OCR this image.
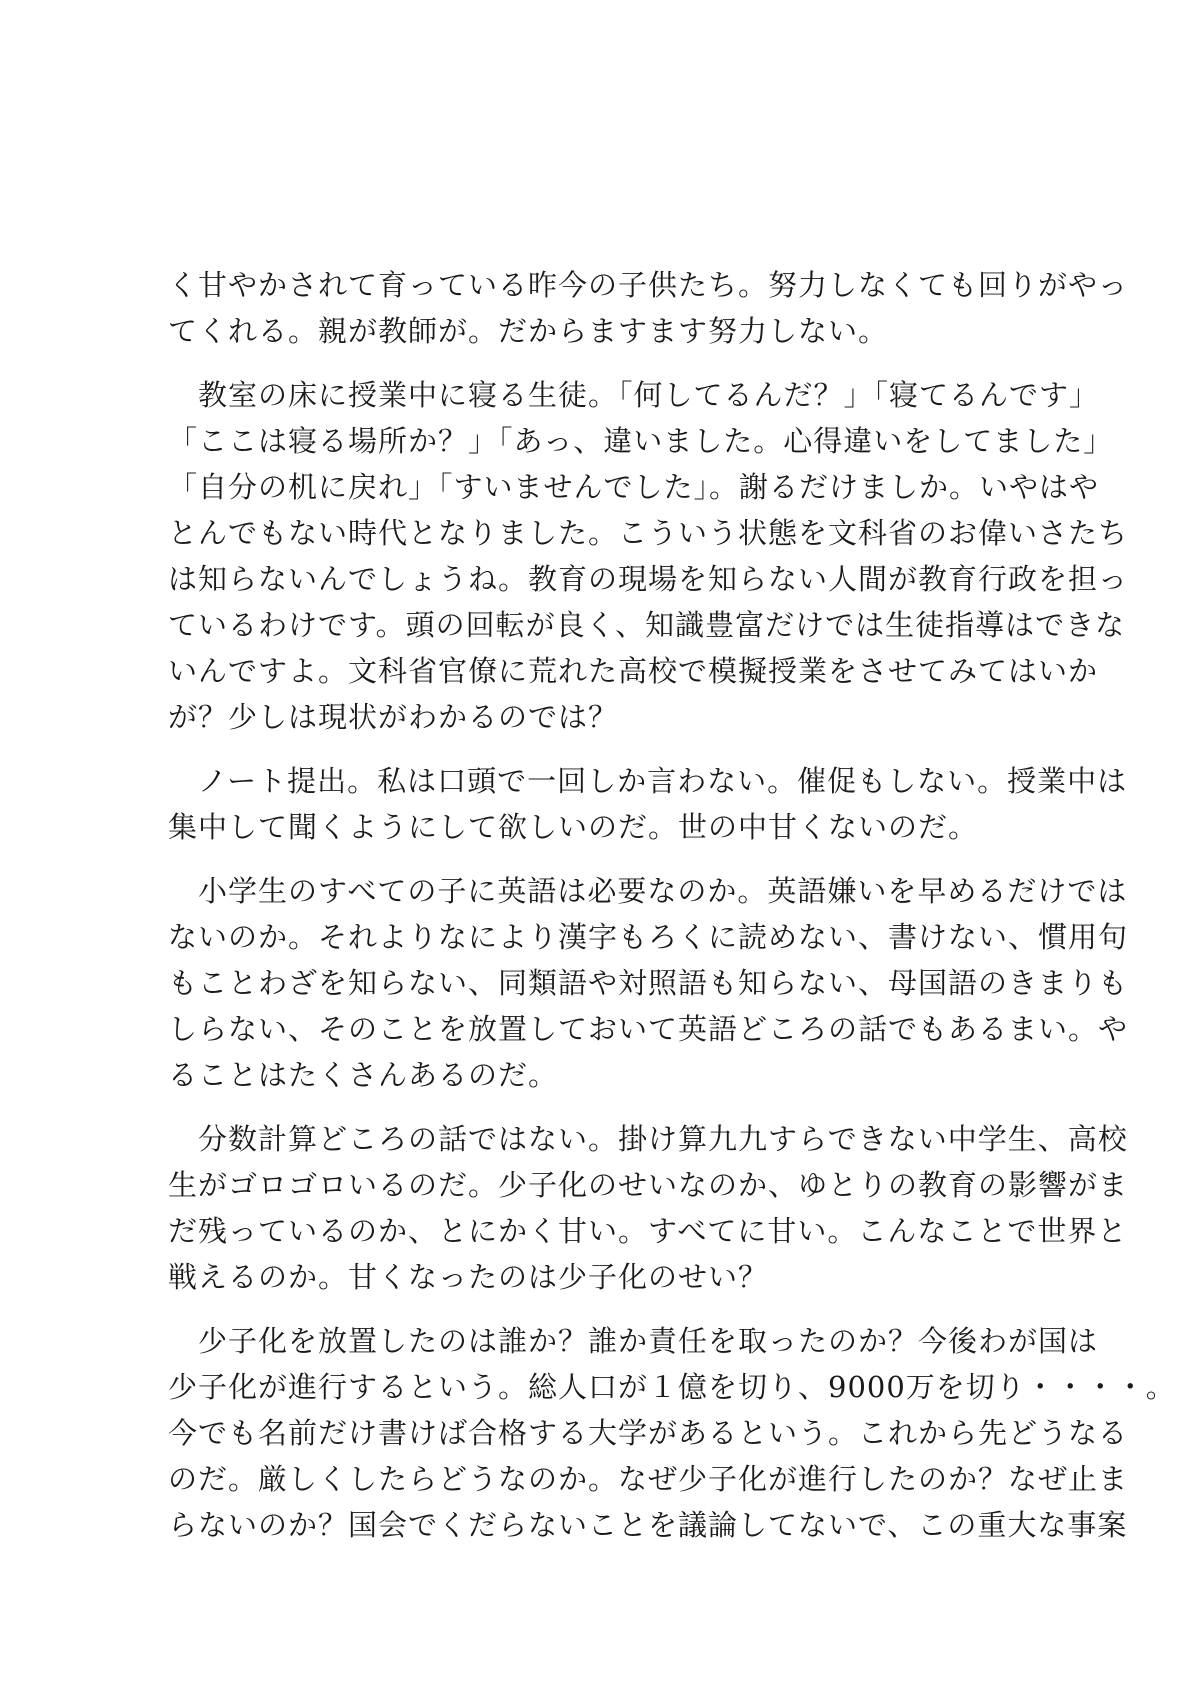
く甘やかされて育っている昨今の子供たち。努力しなくても回りがやっ
てくれる。親が教師が。だからますます努力しない。
　教室の床に授業中に寝る生徒。「何してるんだ？」「寝てるんです」
「ここは寝る場所か？」「あっ、違いました。心得違いをしてました」
「自分の机に戻れ」「すいませんでした」。謝るだけましか。いやはや
とんでもない時代となりました。こういう状態を文科省のお偉いさたち
は知らないんでしょうね。教育の現場を知らない人間が教育行政を担っ
ているわけです。頭の回転が良く、知識豊富だけでは生徒指導はできな
いんですよ。文科省官僚に荒れた高校で模擬授業をさせてみてはいか
が？少しは現状がわかるのでは？
　ノート提出。私は口頭で一回しか言わない。催促もしない。授業中は
集中して聞くようにして欲しいのだ。世の中甘くないのだ。
　小学生のすべての子に英語は必要なのか。英語嫌いを早めるだけでは
ないのか。それよりなにより漢字もろくに読めない、書けない、慣用句
もことわざを知らない、同類語や対照語も知らない、母国語のきまりも
しらない、そのことを放置しておいて英語どころの話でもあるまい。や
ることはたくさんあるのだ。
　分数計算どころの話ではない。掛け算九九すらできない中学生、高校
生がゴロゴロいるのだ。少子化のせいなのか、ゆとりの教育の影響がま
だ残っているのか、とにかく甘い。すべてに甘い。こんなことで世界と
戦えるのか。甘くなったのは少子化のせい？
　少子化を放置したのは誰か？誰か責任を取ったのか？今後わが国は
少子化が進行するという。総人口が１億を切り、9000万を切り・・・・。
今でも名前だけ書けば合格する大学があるという。これから先どうなる
のだ。厳しくしたらどうなのか。なぜ少子化が進行したのか？なぜ止ま
らないのか？国会でくだらないことを議論してないで、この重大な事案
